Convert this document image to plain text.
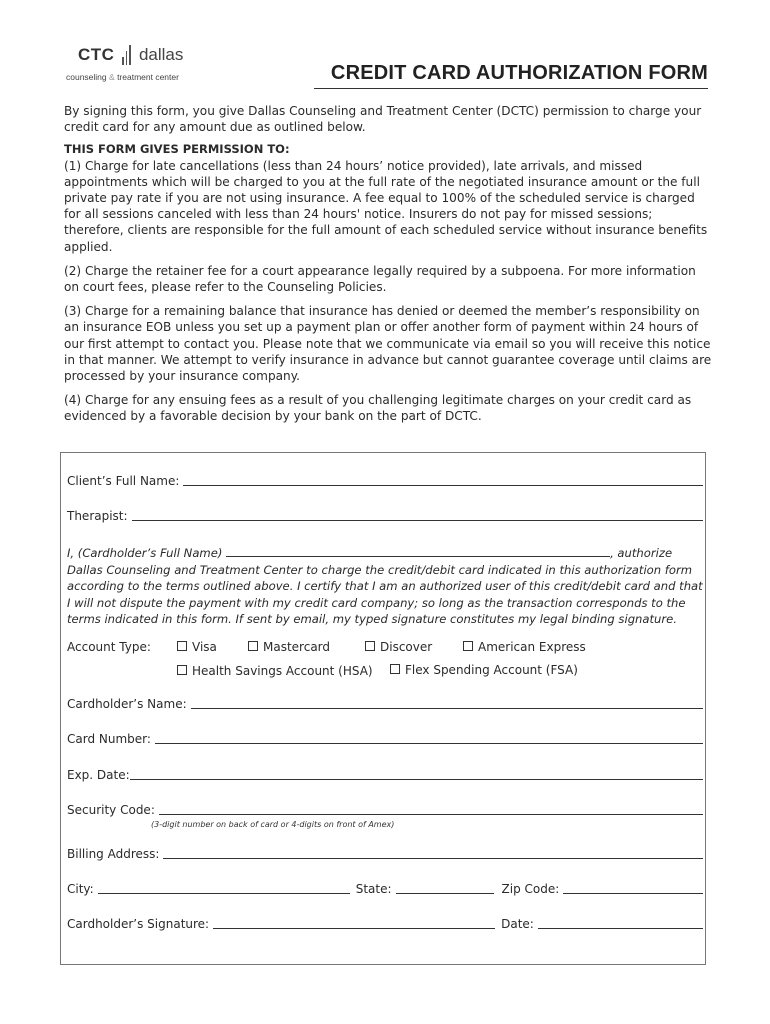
CTC dallas
counseling & treatment center	CREDIT CARD AUTHORIZATION FORM

By signing this form, you give Dallas Counseling and Treatment Center (DCTC) permission to charge your credit card for any amount due as outlined below.

THIS FORM GIVES PERMISSION TO:

(1) Charge for late cancellations (less than 24 hours’ notice provided), late arrivals, and missed appointments which will be charged to you at the full rate of the negotiated insurance amount or the full private pay rate if you are not using insurance. A fee equal to 100% of the scheduled service is charged for all sessions canceled with less than 24 hours' notice. Insurers do not pay for missed sessions; therefore, clients are responsible for the full amount of each scheduled service without insurance benefits applied.

(2) Charge the retainer fee for a court appearance legally required by a subpoena. For more information on court fees, please refer to the Counseling Policies.

(3) Charge for a remaining balance that insurance has denied or deemed the member’s responsibility on an insurance EOB unless you set up a payment plan or offer another form of payment within 24 hours of our first attempt to contact you. Please note that we communicate via email so you will receive this notice in that manner. We attempt to verify insurance in advance but cannot guarantee coverage until claims are processed by your insurance company.

(4) Charge for any ensuing fees as a result of you challenging legitimate charges on your credit card as evidenced by a favorable decision by your bank on the part of DCTC.

Client’s Full Name:
Therapist:
I, (Cardholder’s Full Name)	, authorize Dallas Counseling and Treatment Center to charge the credit/debit card indicated in this authorization form according to the terms outlined above. I certify that I am an authorized user of this credit/debit card and that I will not dispute the payment with my credit card company; so long as the transaction corresponds to the terms indicated in this form. If sent by email, my typed signature constitutes my legal binding signature.
Account Type:	Visa	Mastercard	Discover	American Express
Health Savings Account (HSA)	Flex Spending Account (FSA)
Cardholder’s Name:
Card Number:
Exp. Date:
Security Code:
(3-digit number on back of card or 4-digits on front of Amex)
Billing Address:
City:	State:	Zip Code:
Cardholder’s Signature:	Date:
